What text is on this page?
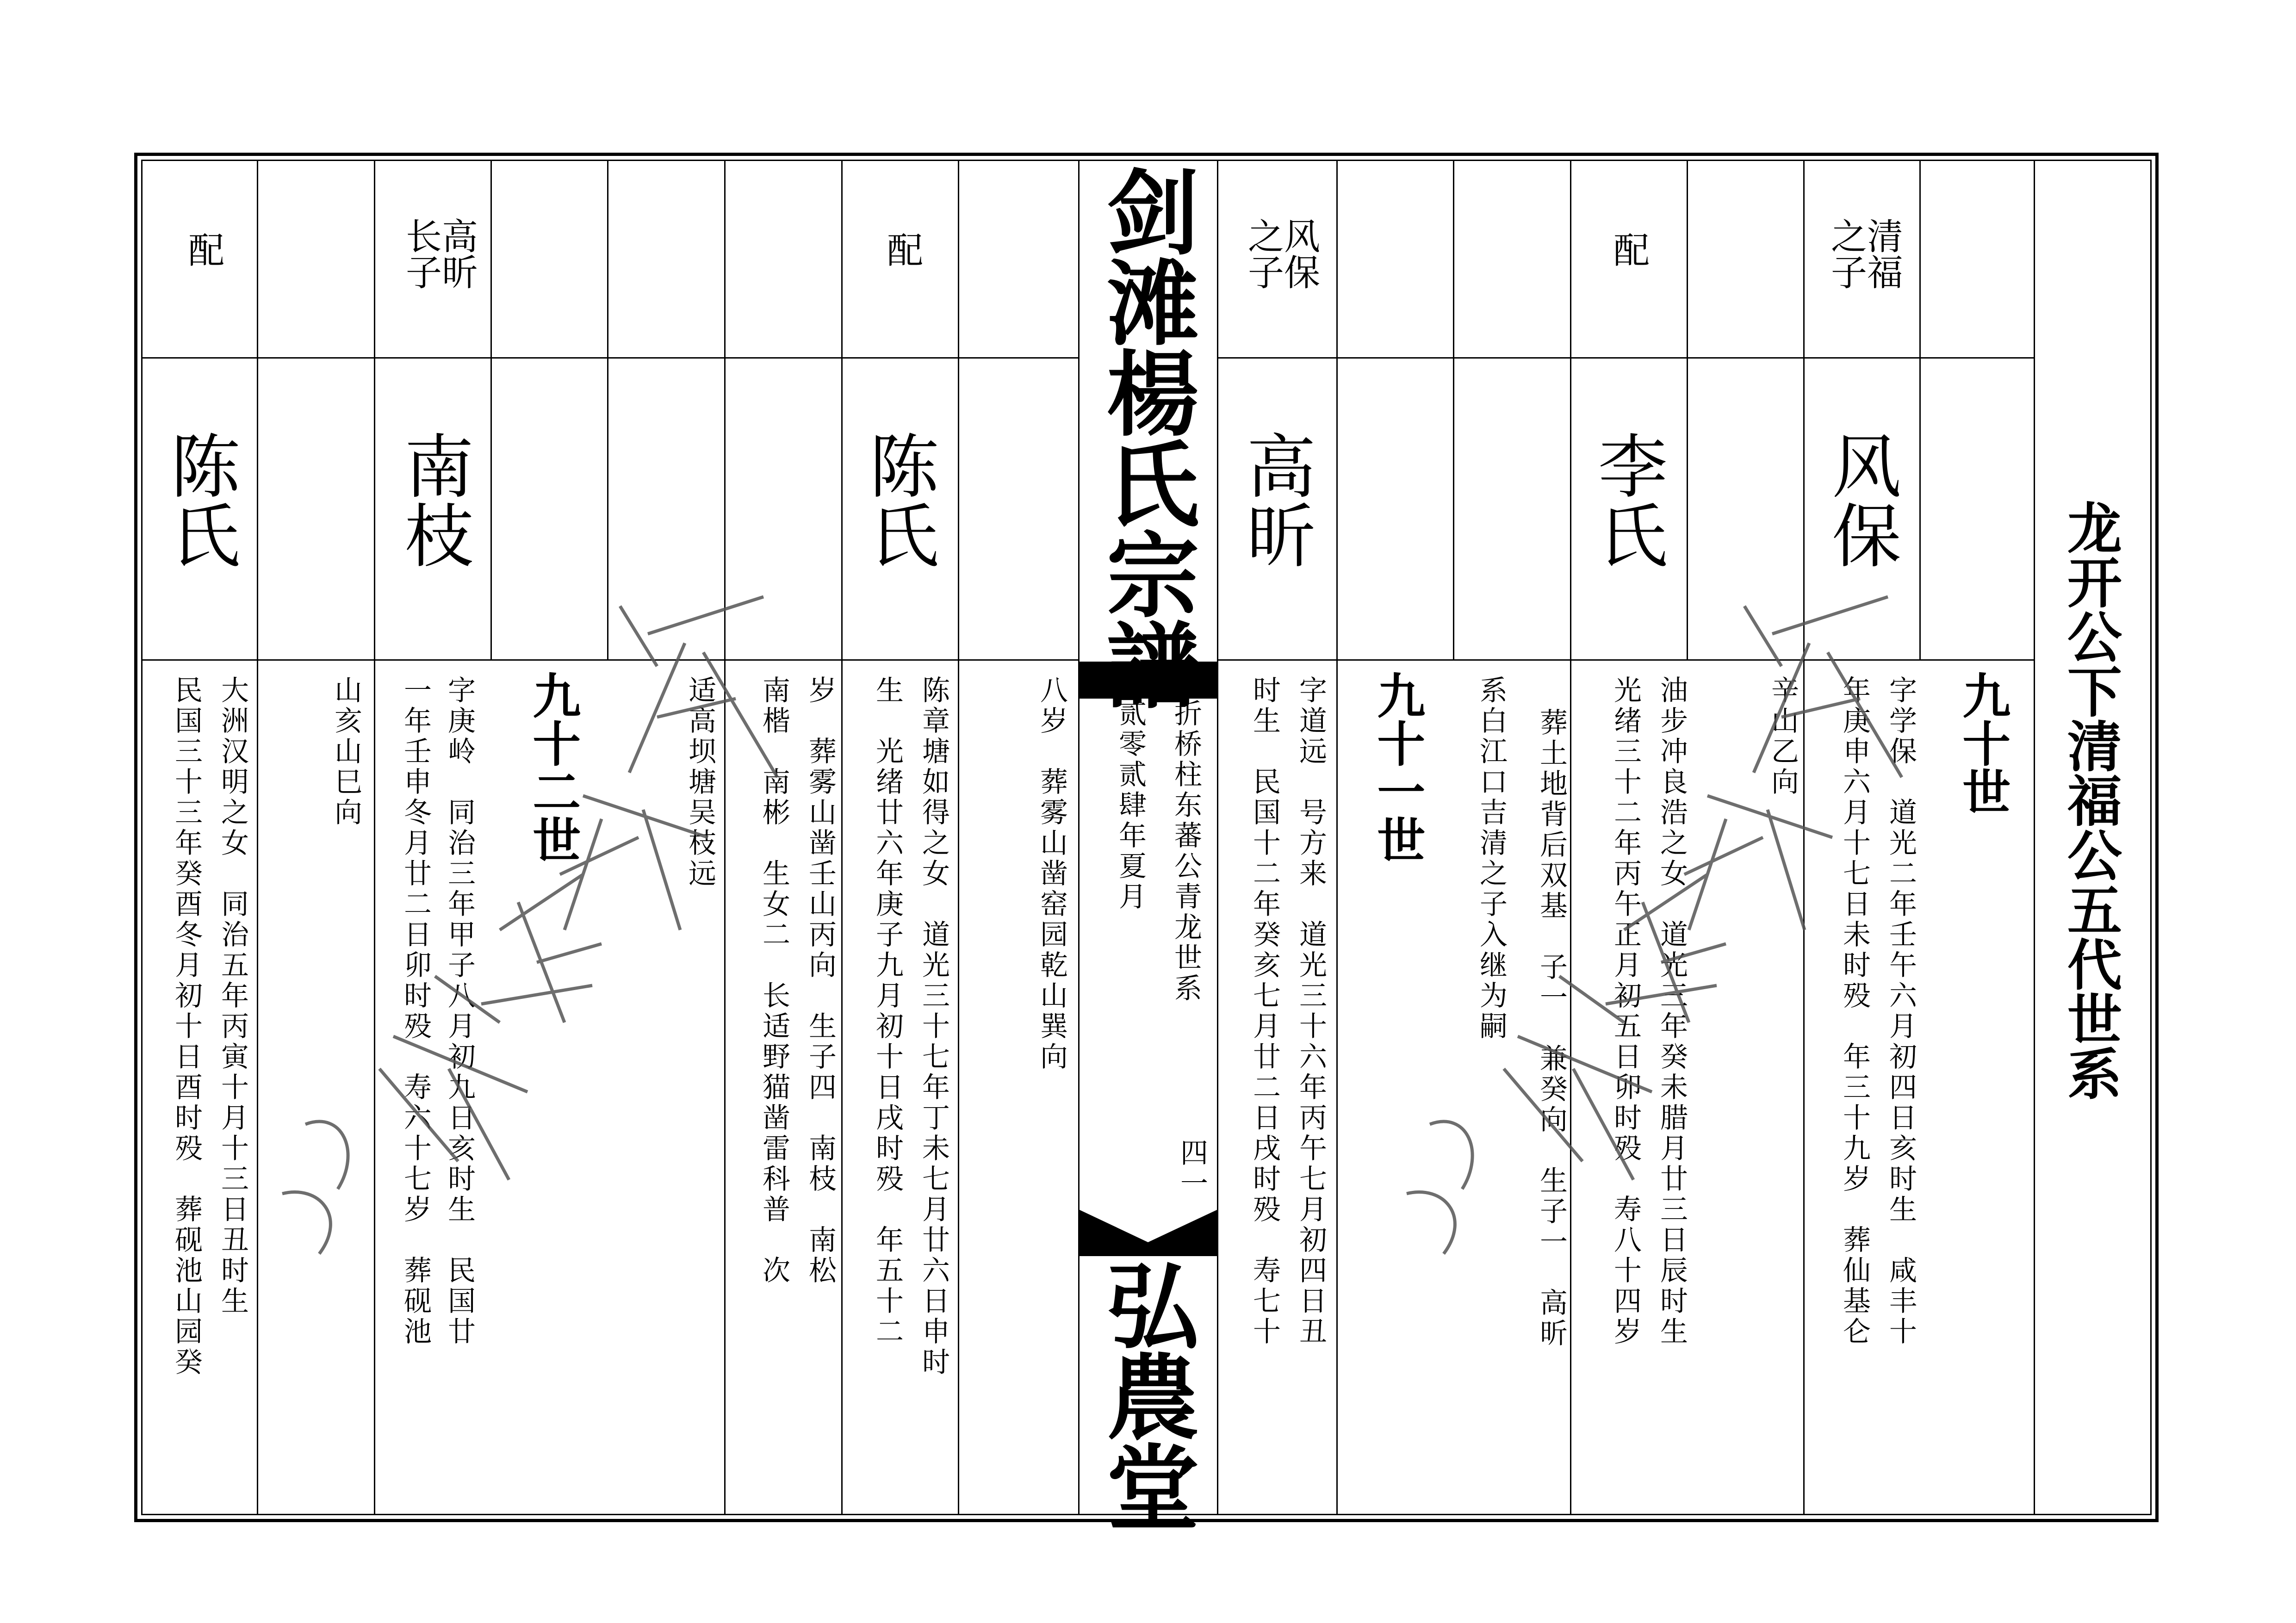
剑滩楊氏宗譜
折桥柱东蕃公青龙世系
四一
贰零贰肆年夏月
弘農堂
龙开公下清福公五代世系
九十世
九十一世
九十二世
清福
之子
配
风保
之子
配
高昕
长子
配
风保
李氏
高昕
陈氏
南枝
陈氏
字学保　道光二年壬午六月初四日亥时生　咸丰十
年庚申六月十七日未时殁　年三十九岁　葬仙基仑
辛山乙向
油步冲良浩之女　道光三年癸未腊月廿三日辰时生
光绪三十二年丙午正月初五日卯时殁　寿八十四岁
葬土地背后双基　子一　兼癸向　生子一　高昕
系白江口吉清之子入继为嗣
字道远　号方来　道光三十六年丙午七月初四日丑
时生　民国十二年癸亥七月廿二日戌时殁　寿七十
八岁　葬雾山凿窑园乾山巽向
陈章塘如得之女　道光三十七年丁未七月廿六日申时
生　光绪廿六年庚子九月初十日戌时殁　年五十二
岁　葬雾山凿壬山丙向　生子四　南枝　南松
南楷　南彬　生女二　长适野猫凿雷科普　次
适高坝塘吴枝远
字庚岭　同治三年甲子八月初九日亥时生　民国廿
一年壬申冬月廿二日卯时殁　寿六十七岁　葬砚池
山亥山巳向
大洲汉明之女　同治五年丙寅十月十三日丑时生
民国三十三年癸酉冬月初十日酉时殁　葬砚池山园癸
